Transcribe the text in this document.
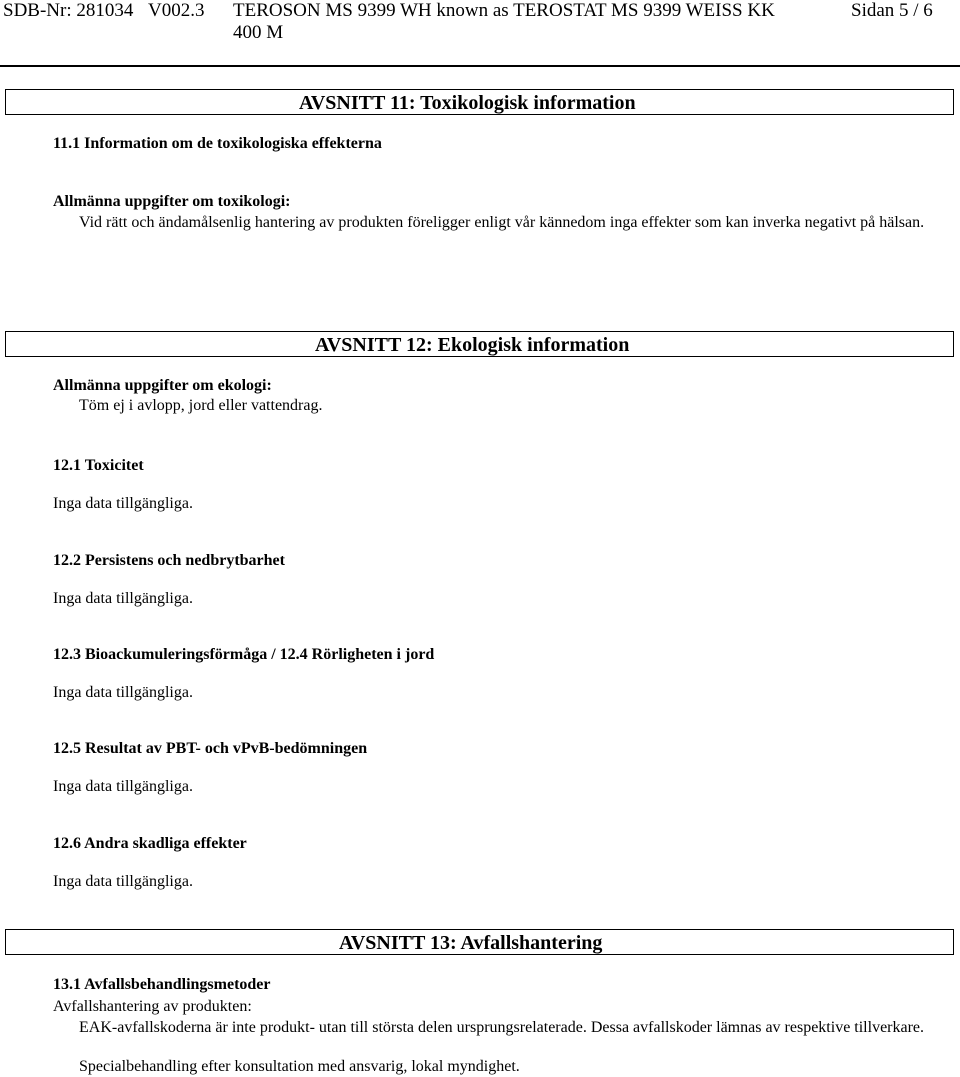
SDB-Nr: 281034 V002.3 TEROSON MS 9399 WH known as TEROSTAT MS 9399 WEISS KK
400 M
Sidan 5 / 6
AVSNITT 11: Toxikologisk information
11.1 Information om de toxikologiska effekterna
Allmänna uppgifter om toxikologi:
Vid rätt och ändamålsenlig hantering av produkten föreligger enligt vår kännedom inga effekter som kan inverka negativt på hälsan.
AVSNITT 12: Ekologisk information
Allmänna uppgifter om ekologi:
Töm ej i avlopp, jord eller vattendrag.
12.1 Toxicitet
Inga data tillgängliga.
12.2 Persistens och nedbrytbarhet
Inga data tillgängliga.
12.3 Bioackumuleringsförmåga / 12.4 Rörligheten i jord
Inga data tillgängliga.
12.5 Resultat av PBT- och vPvB-bedömningen
Inga data tillgängliga.
12.6 Andra skadliga effekter
Inga data tillgängliga.
AVSNITT 13: Avfallshantering
13.1 Avfallsbehandlingsmetoder
Avfallshantering av produkten:
EAK-avfallskoderna är inte produkt- utan till största delen ursprungsrelaterade. Dessa avfallskoder lämnas av respektive tillverkare.
Specialbehandling efter konsultation med ansvarig, lokal myndighet.
